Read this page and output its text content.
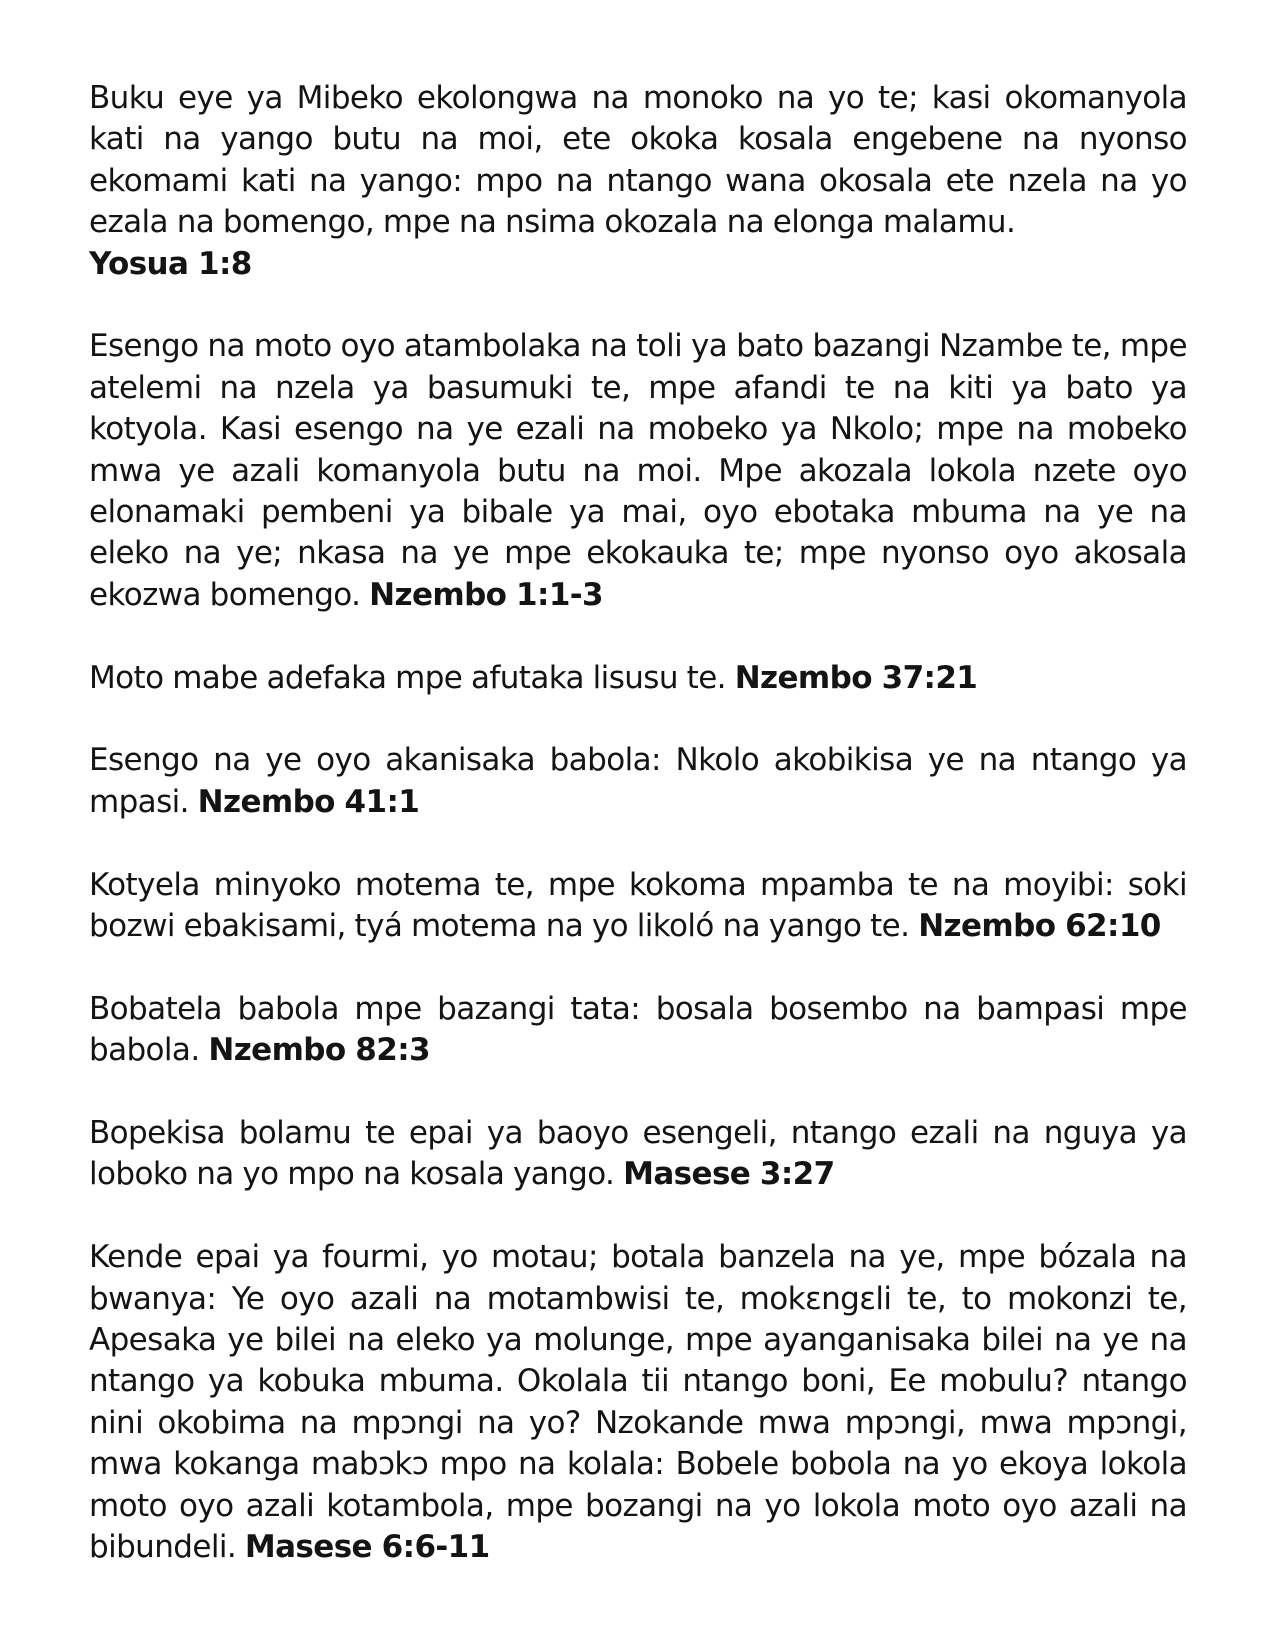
Buku eye ya Mibeko ekolongwa na monoko na yo te; kasi okomanyola kati na yango butu na moi, ete okoka kosala engebene na nyonso ekomami kati na yango: mpo na ntango wana okosala ete nzela na yo ezala na bomengo, mpe na nsima okozala na elonga malamu.
Yosua 1:8

Esengo na moto oyo atambolaka na toli ya bato bazangi Nzambe te, mpe atelemi na nzela ya basumuki te, mpe afandi te na kiti ya bato ya kotyola. Kasi esengo na ye ezali na mobeko ya Nkolo; mpe na mobeko mwa ye azali komanyola butu na moi. Mpe akozala lokola nzete oyo elonamaki pembeni ya bibale ya mai, oyo ebotaka mbuma na ye na eleko na ye; nkasa na ye mpe ekokauka te; mpe nyonso oyo akosala ekozwa bomengo. Nzembo 1:1-3

Moto mabe adefaka mpe afutaka lisusu te. Nzembo 37:21

Esengo na ye oyo akanisaka babola: Nkolo akobikisa ye na ntango ya mpasi. Nzembo 41:1

Kotyela minyoko motema te, mpe kokoma mpamba te na moyibi: soki bozwi ebakisami, tyá motema na yo likoló na yango te. Nzembo 62:10

Bobatela babola mpe bazangi tata: bosala bosembo na bampasi mpe babola. Nzembo 82:3

Bopekisa bolamu te epai ya baoyo esengeli, ntango ezali na nguya ya loboko na yo mpo na kosala yango. Masese 3:27

Kende epai ya fourmi, yo motau; botala banzela na ye, mpe bózala na bwanya: Ye oyo azali na motambwisi te, mokɛngɛli te, to mokonzi te, Apesaka ye bilei na eleko ya molunge, mpe ayanganisaka bilei na ye na ntango ya kobuka mbuma. Okolala tii ntango boni, Ee mobulu? ntango nini okobima na mpɔngi na yo? Nzokande mwa mpɔngi, mwa mpɔngi, mwa kokanga mabɔkɔ mpo na kolala: Bobele bobola na yo ekoya lokola moto oyo azali kotambola, mpe bozangi na yo lokola moto oyo azali na bibundeli. Masese 6:6-11
